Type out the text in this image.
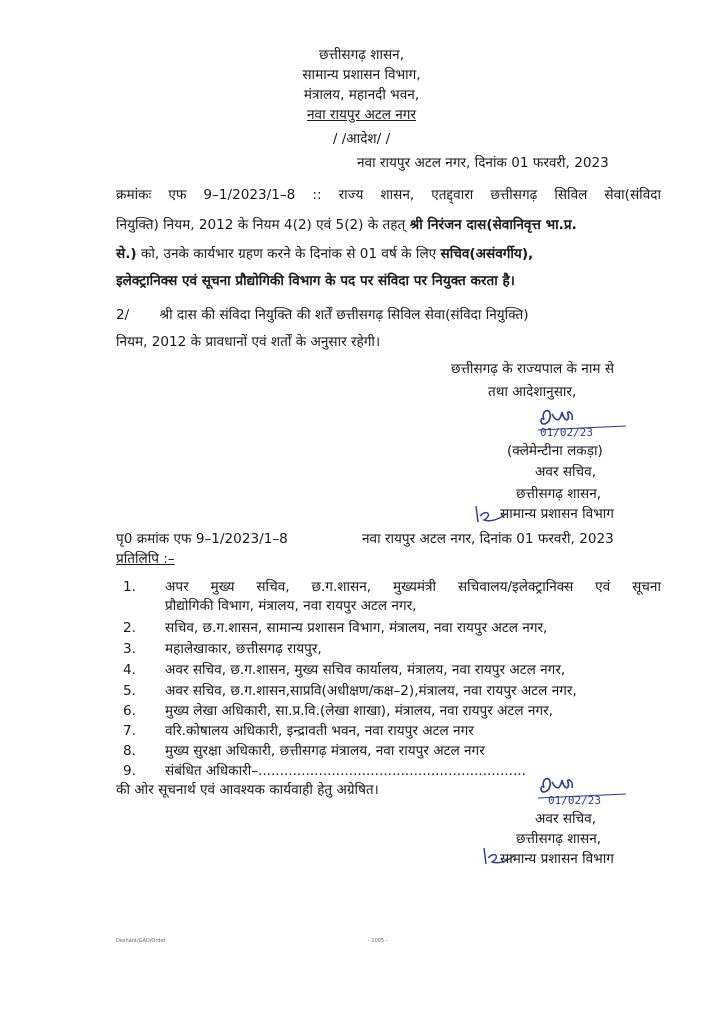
छत्तीसगढ़ शासन,
सामान्य प्रशासन विभाग,
मंत्रालय, महानदी भवन,
नवा रायपुर अटल नगर
/ /आदेश/ /
नवा रायपुर अटल नगर, दिनांक 01 फरवरी, 2023
क्रमांकः एफ 9–1/2023/1–8 :: राज्य शासन, एतद्द्वारा छत्तीसगढ़ सिविल सेवा(संविदा
नियुक्ति) नियम, 2012 के नियम 4(2) एवं 5(2) के तहत् श्री निरंजन दास(सेवानिवृत्त भा.प्र.
से.) को, उनके कार्यभार ग्रहण करने के दिनांक से 01 वर्ष के लिए सचिव(असंवर्गीय),
इलेक्ट्रानिक्स एवं सूचना प्रौद्योगिकी विभाग के पद पर संविदा पर नियुक्त करता है।
2/       श्री दास की संविदा नियुक्ति की शर्तें छत्तीसगढ़ सिविल सेवा(संविदा नियुक्ति)
नियम, 2012 के प्रावधानों एवं शर्तों के अनुसार रहेगी।
छत्तीसगढ़ के राज्यपाल के नाम से
तथा आदेशानुसार,
01/02/23
(क्लेमेन्टीना लकड़ा)
अवर सचिव,
छत्तीसगढ़ शासन,
सामान्य प्रशासन विभाग
पृ0 क्रमांक एफ 9–1/2023/1–8	नवा रायपुर अटल नगर, दिनांक 01 फरवरी, 2023
प्रतिलिपि :–
1. अपर मुख्य सचिव, छ.ग.शासन, मुख्यमंत्री सचिवालय/इलेक्ट्रानिक्स एवं सूचना
प्रौद्योगिकी विभाग, मंत्रालय, नवा रायपुर अटल नगर,
2. सचिव, छ.ग.शासन, सामान्य प्रशासन विभाग, मंत्रालय, नवा रायपुर अटल नगर,
3. महालेखाकार, छत्तीसगढ़ रायपुर,
4. अवर सचिव, छ.ग.शासन, मुख्य सचिव कार्यालय, मंत्रालय, नवा रायपुर अटल नगर,
5. अवर सचिव, छ.ग.शासन,साप्रवि(अधीक्षण/कक्ष–2),मंत्रालय, नवा रायपुर अटल नगर,
6. मुख्य लेखा अधिकारी, सा.प्र.वि.(लेखा शाखा), मंत्रालय, नवा रायपुर अटल नगर,
7. वरि.कोषालय अधिकारी, इन्द्रावती भवन, नवा रायपुर अटल नगर
8. मुख्य सुरक्षा अधिकारी, छत्तीसगढ़ मंत्रालय, नवा रायपुर अटल नगर
9. संबंधित अधिकारी–..............................................................
की ओर सूचनार्थ एवं आवश्यक कार्यवाही हेतु अग्रेषित।
01/02/23
अवर सचिव,
छत्तीसगढ़ शासन,
सामान्य प्रशासन विभाग
Deshant/GAD/Order	- 1005 -
